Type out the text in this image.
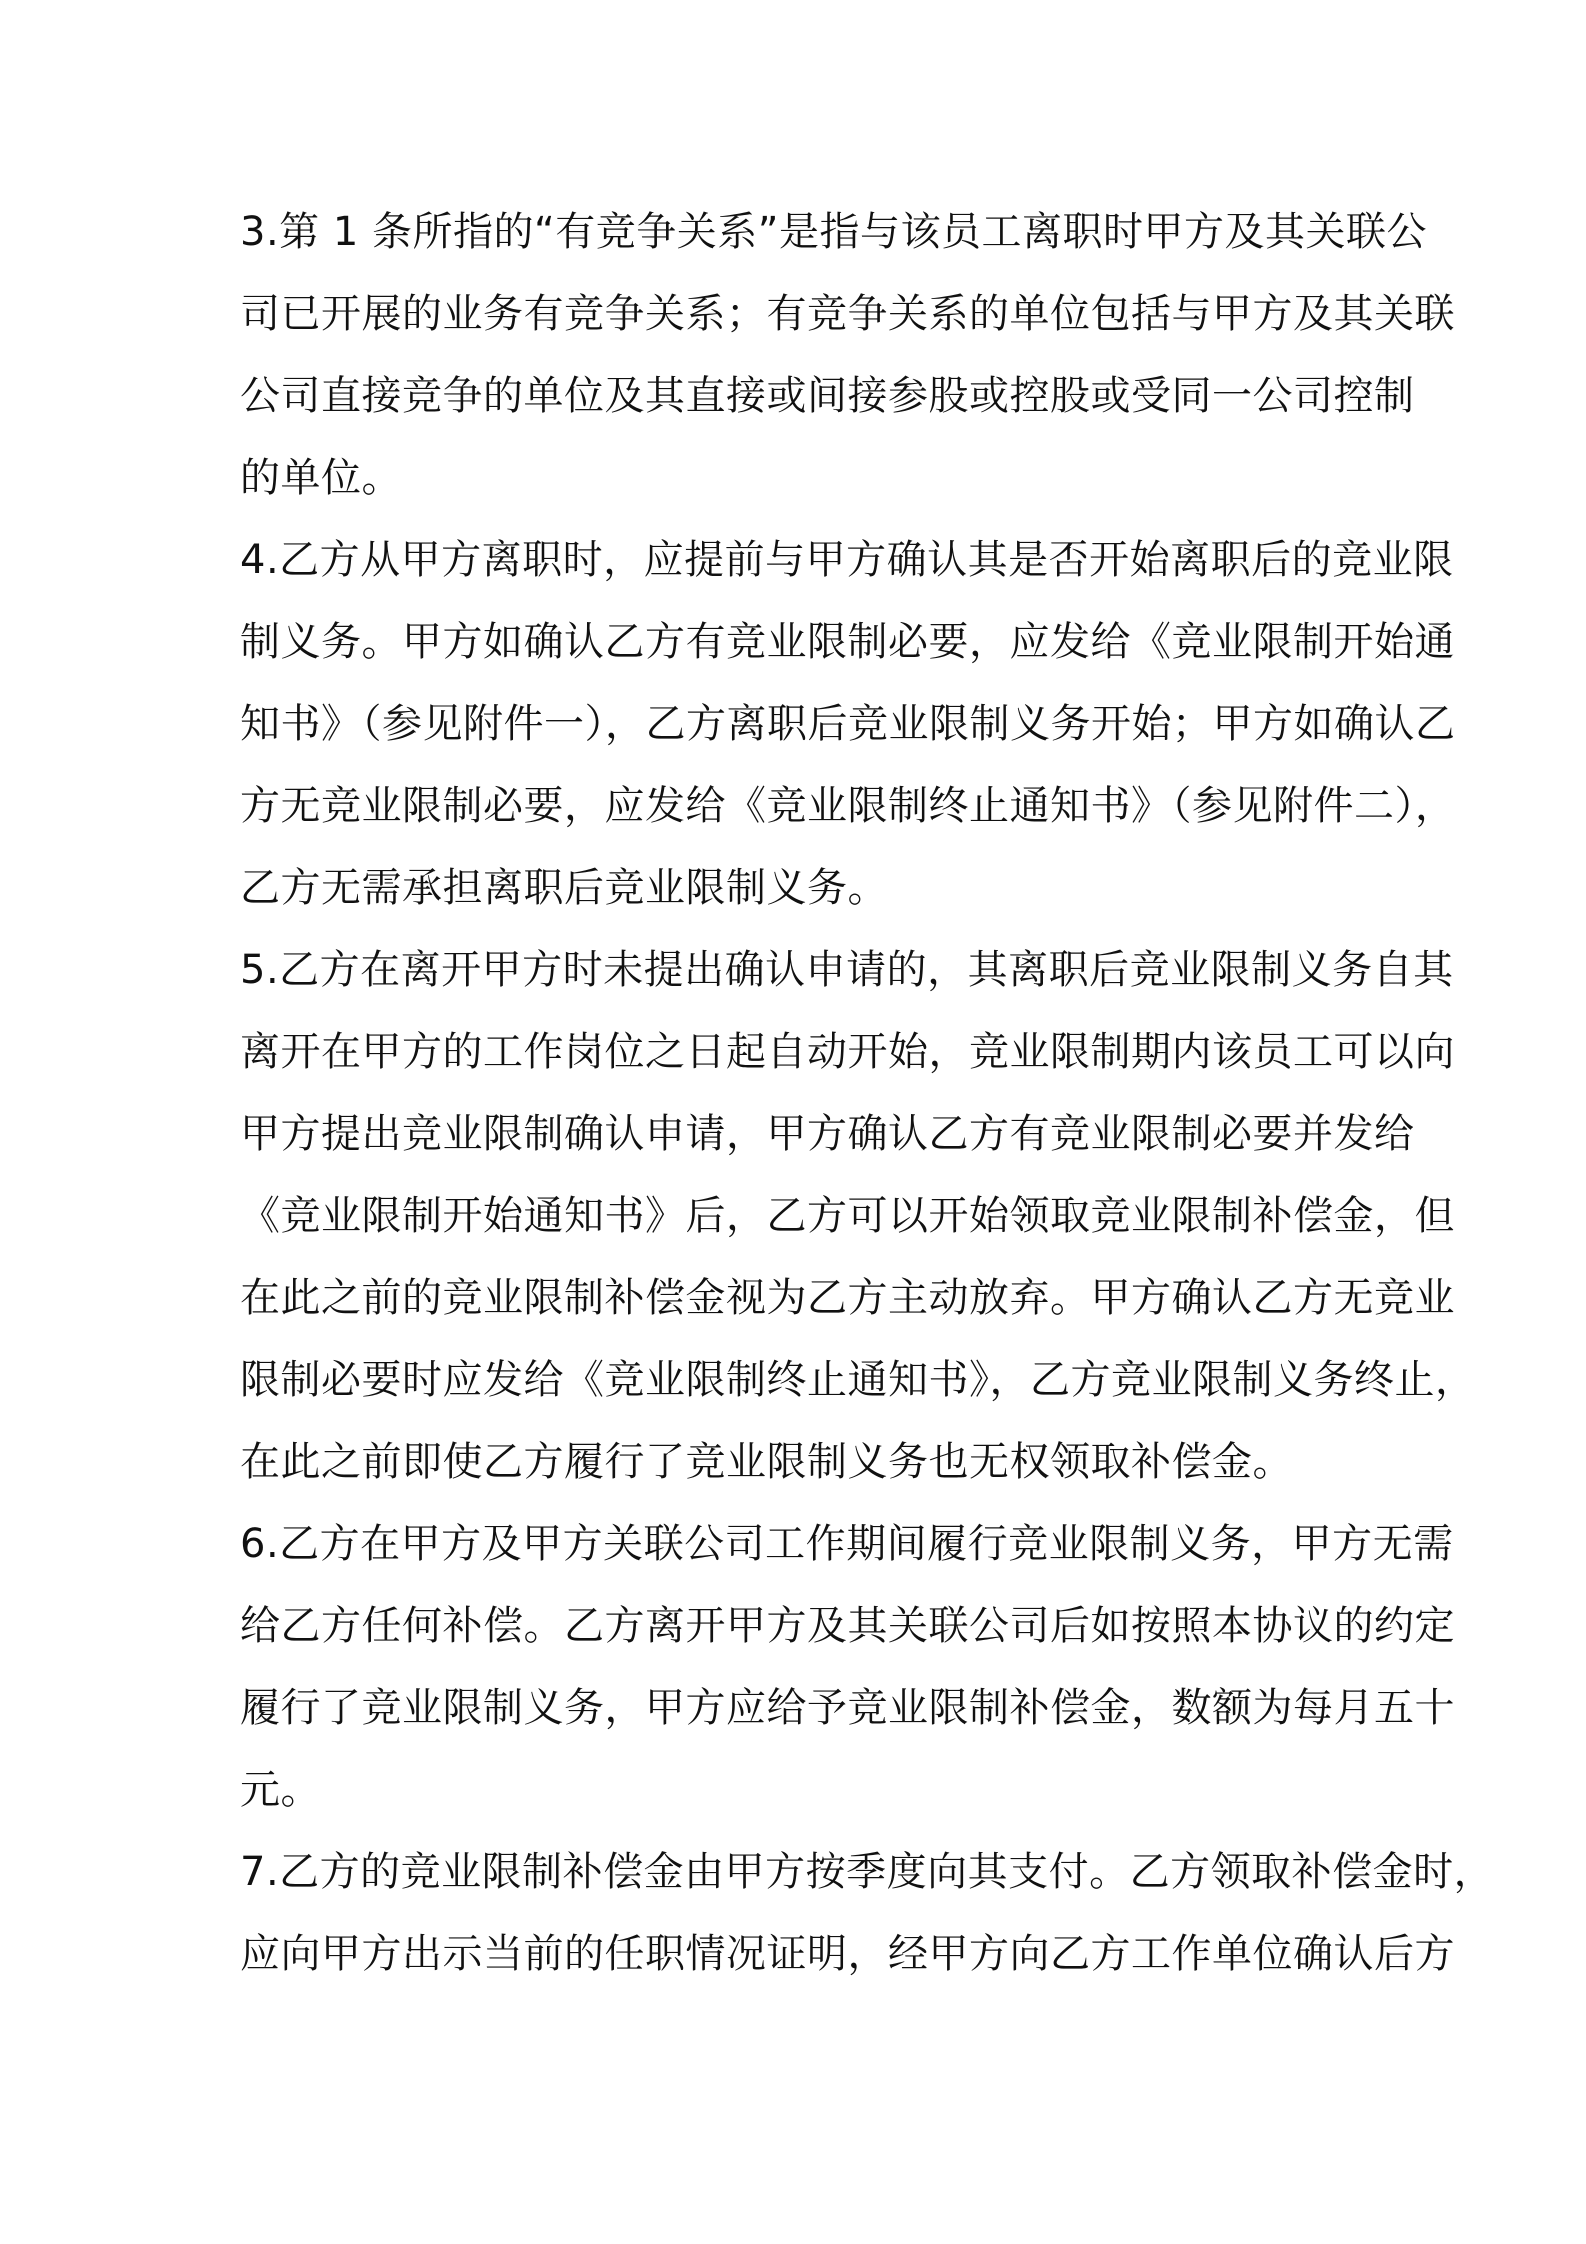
3.第 1 条所指的“有竞争关系”是指与该员工离职时甲方及其关联公
司已开展的业务有竞争关系；有竞争关系的单位包括与甲方及其关联
公司直接竞争的单位及其直接或间接参股或控股或受同一公司控制
的单位。
4.乙方从甲方离职时，应提前与甲方确认其是否开始离职后的竞业限
制义务。甲方如确认乙方有竞业限制必要，应发给《竞业限制开始通
知书》（参见附件一），乙方离职后竞业限制义务开始；甲方如确认乙
方无竞业限制必要，应发给《竞业限制终止通知书》（参见附件二），
乙方无需承担离职后竞业限制义务。
5.乙方在离开甲方时未提出确认申请的，其离职后竞业限制义务自其
离开在甲方的工作岗位之日起自动开始，竞业限制期内该员工可以向
甲方提出竞业限制确认申请，甲方确认乙方有竞业限制必要并发给
《竞业限制开始通知书》后，乙方可以开始领取竞业限制补偿金，但
在此之前的竞业限制补偿金视为乙方主动放弃。甲方确认乙方无竞业
限制必要时应发给《竞业限制终止通知书》，乙方竞业限制义务终止，
在此之前即使乙方履行了竞业限制义务也无权领取补偿金。
6.乙方在甲方及甲方关联公司工作期间履行竞业限制义务，甲方无需
给乙方任何补偿。乙方离开甲方及其关联公司后如按照本协议的约定
履行了竞业限制义务，甲方应给予竞业限制补偿金，数额为每月五十
元。
7.乙方的竞业限制补偿金由甲方按季度向其支付。乙方领取补偿金时，
应向甲方出示当前的任职情况证明，经甲方向乙方工作单位确认后方
